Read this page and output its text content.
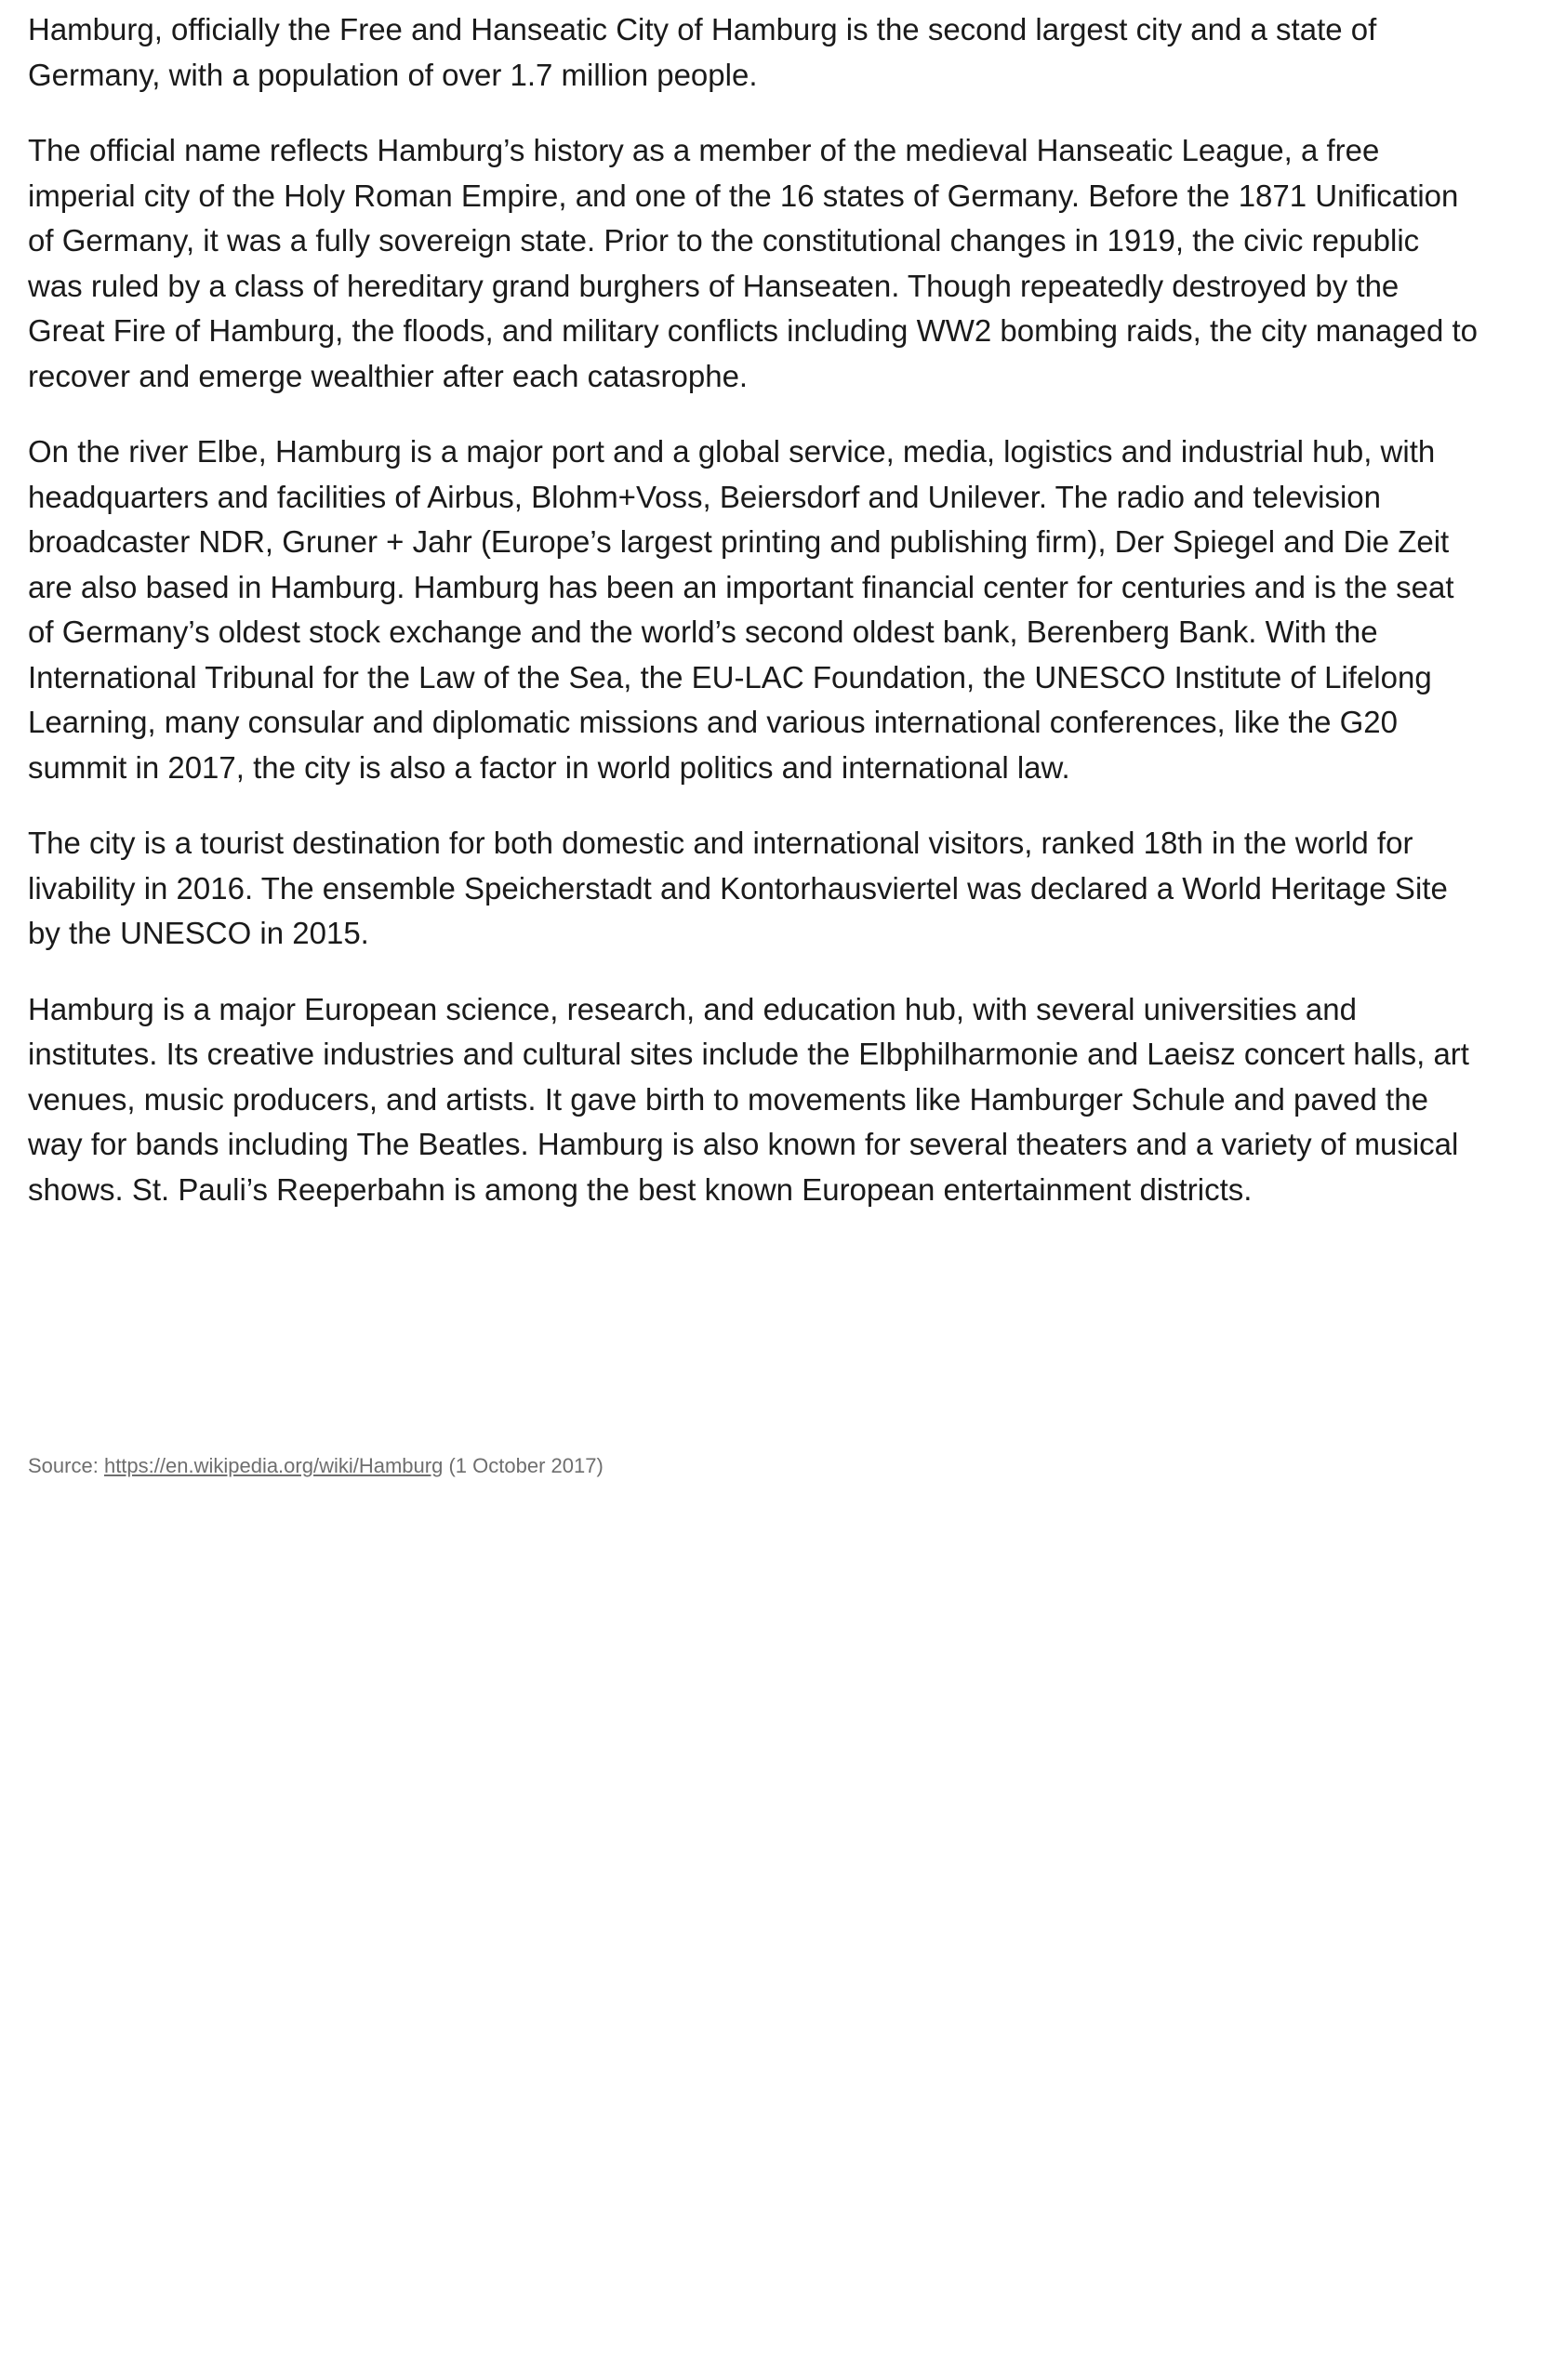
Hamburg, officially the Free and Hanseatic City of Hamburg is the second largest city and a state of Germany, with a population of over 1.7 million people.

The official name reflects Hamburg’s history as a member of the medieval Hanseatic League, a free imperial city of the Holy Roman Empire, and one of the 16 states of Germany. Before the 1871 Unification of Germany, it was a fully sovereign state. Prior to the constitutional changes in 1919, the civic republic was ruled by a class of hereditary grand burghers of Hanseaten. Though repeatedly destroyed by the Great Fire of Hamburg, the floods, and military conflicts including WW2 bombing raids, the city managed to recover and emerge wealthier after each catasrophe.

On the river Elbe, Hamburg is a major port and a global service, media, logistics and industrial hub, with headquarters and facilities of Airbus, Blohm+Voss, Beiersdorf and Unilever. The radio and television broadcaster NDR, Gruner + Jahr (Europe’s largest printing and publishing firm), Der Spiegel and Die Zeit are also based in Hamburg. Hamburg has been an important financial center for centuries and is the seat of Germany’s oldest stock exchange and the world’s second oldest bank, Berenberg Bank. With the International Tribunal for the Law of the Sea, the EU-LAC Foundation, the UNESCO Institute of Lifelong Learning, many consular and diplomatic missions and various international conferences, like the G20 summit in 2017, the city is also a factor in world politics and international law.

The city is a tourist destination for both domestic and international visitors, ranked 18th in the world for livability in 2016. The ensemble Speicherstadt and Kontorhausviertel was declared a World Heritage Site by the UNESCO in 2015.

Hamburg is a major European science, research, and education hub, with several universities and institutes. Its creative industries and cultural sites include the Elbphilharmonie and Laeisz concert halls, art venues, music producers, and artists. It gave birth to movements like Hamburger Schule and paved the way for bands including The Beatles. Hamburg is also known for several theaters and a variety of musical shows. St. Pauli’s Reeperbahn is among the best known European entertainment districts.

Source: https://en.wikipedia.org/wiki/Hamburg (1 October 2017)
